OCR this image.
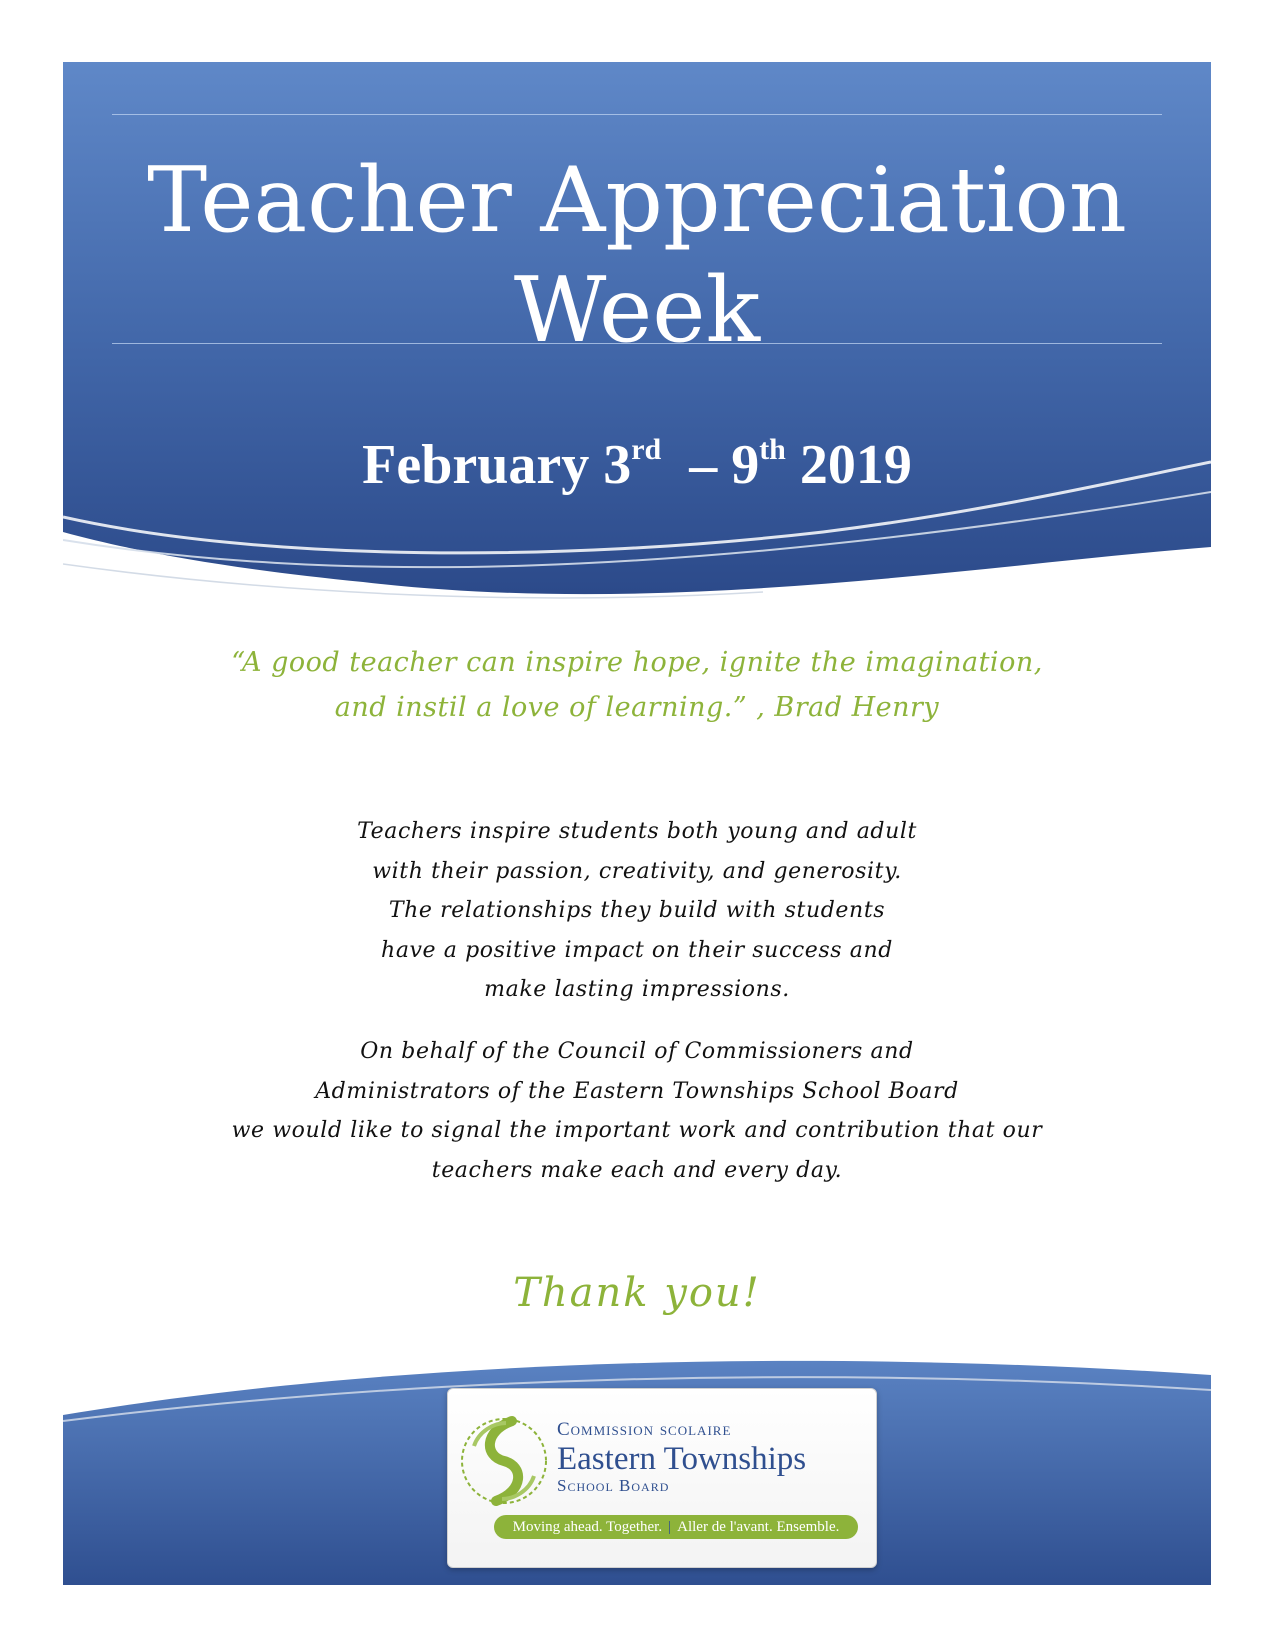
Teacher Appreciation
Week
February 3rd  – 9th 2019
“A good teacher can inspire hope, ignite the imagination,
and instil a love of learning.” , Brad Henry
Teachers inspire students both young and adult
with their passion, creativity, and generosity.
The relationships they build with students
have a positive impact on their success and
make lasting impressions.
On behalf of the Council of Commissioners and
Administrators of the Eastern Townships School Board
we would like to signal the important work and contribution that our
teachers make each and every day.
Thank you!
Commission scolaire
Eastern Townships
School Board
Moving ahead. Together. | Aller de l'avant. Ensemble.
